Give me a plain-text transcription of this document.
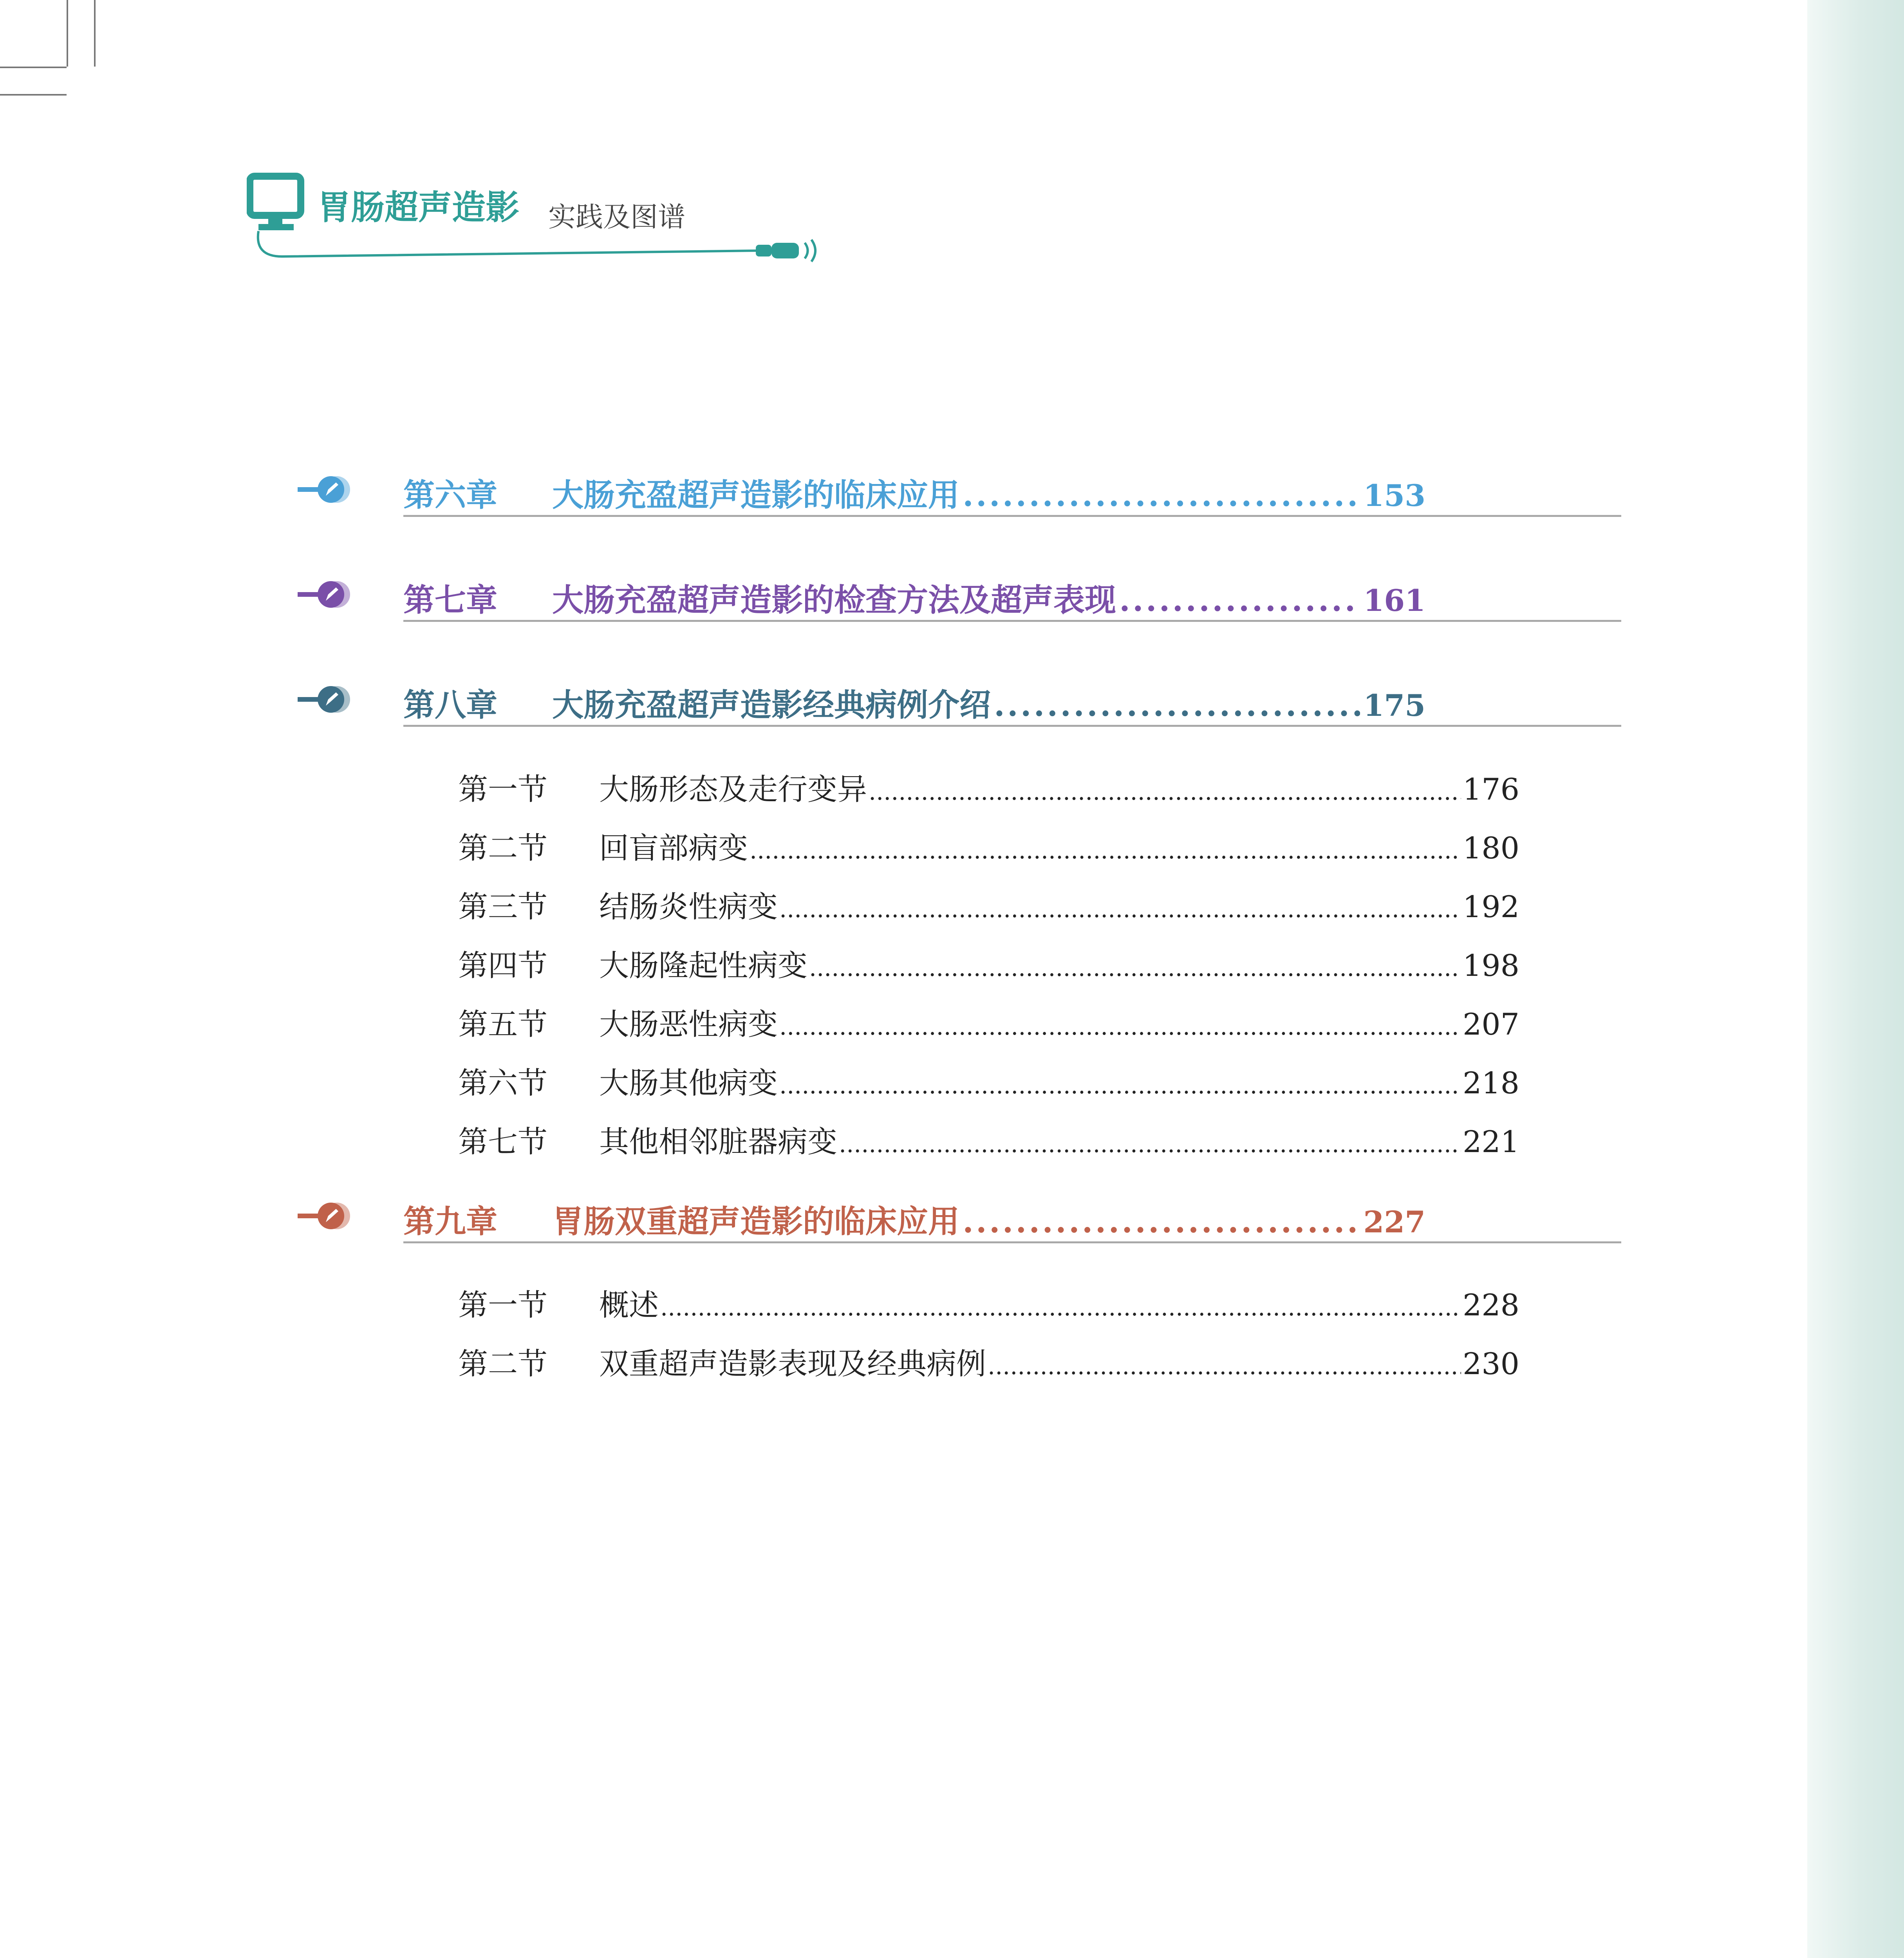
胃肠超声造影 实践及图谱

第六章	大肠充盈超声造影的临床应用 .....	153
第七章	大肠充盈超声造影的检查方法及超声表现 .....	161
第八章	大肠充盈超声造影经典病例介绍 .....	175
第一节	大肠形态及走行变异 .....	176
第二节	回盲部病变 .....	180
第三节	结肠炎性病变 .....	192
第四节	大肠隆起性病变 .....	198
第五节	大肠恶性病变 .....	207
第六节	大肠其他病变 .....	218
第七节	其他相邻脏器病变 .....	221
第九章	胃肠双重超声造影的临床应用 .....	227
第一节	概述 .....	228
第二节	双重超声造影表现及经典病例 .....	230
